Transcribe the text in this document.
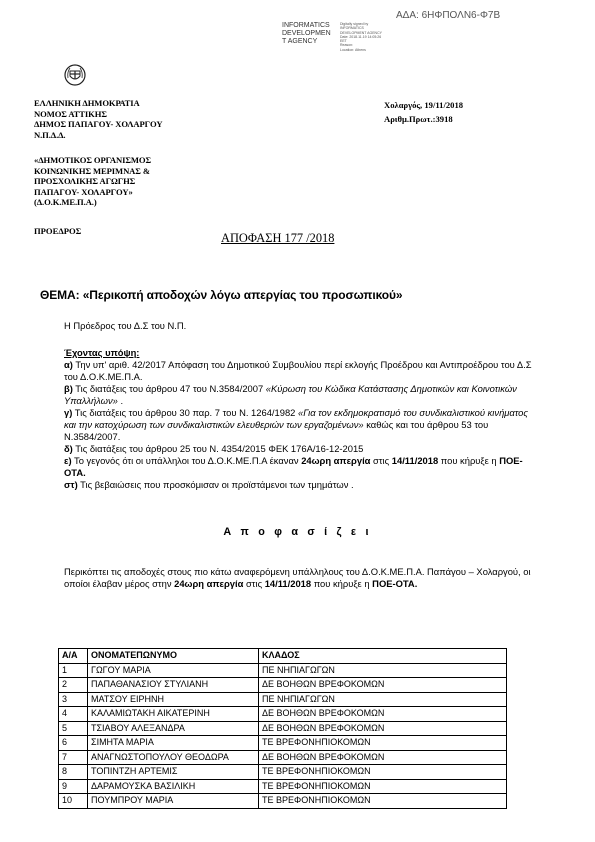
ΑΔΑ: 6ΗΦΠΟΛΝ6-Φ7Β
INFORMATICS
DEVELOPMEN
T AGENCY
Digitally signed by
INFORMATICS
DEVELOPMENT AGENCY
Date: 2018.11.19 14:05:26
EET
Reason:
Location: Athens
ΕΛΛΗΝΙΚΗ ΔΗΜΟΚΡΑΤΙΑ
ΝΟΜΟΣ ΑΤΤΙΚΗΣ
ΔΗΜΟΣ ΠΑΠΑΓΟΥ- ΧΟΛΑΡΓΟΥ
Ν.Π.Δ.Δ.
«ΔΗΜΟΤΙΚΟΣ ΟΡΓΑΝΙΣΜΟΣ
ΚΟΙΝΩΝΙΚΗΣ ΜΕΡΙΜΝΑΣ &
ΠΡΟΣΧΟΛΙΚΗΣ ΑΓΩΓΗΣ
ΠΑΠΑΓΟΥ- ΧΟΛΑΡΓΟΥ»
(Δ.Ο.Κ.ΜΕ.Π.Α.)
Χολαργός, 19/11/2018
Αριθμ.Πρωτ.:3918
ΠΡΟΕΔΡΟΣ	ΑΠΟΦΑΣΗ 177 /2018
ΘΕΜΑ: «Περικοπή αποδοχών λόγω απεργίας του προσωπικού»
Η Πρόεδρος του Δ.Σ του Ν.Π.
Έχοντας υπόψη:
α) Την υπ' αριθ. 42/2017 Απόφαση του Δημοτικού Συμβουλίου περί εκλογής Προέδρου και Αντιπροέδρου του Δ.Σ του Δ.Ο.Κ.ΜΕ.Π.Α.
β) Τις διατάξεις του άρθρου 47 του Ν.3584/2007 «Κύρωση του Κώδικα Κατάστασης Δημοτικών και Κοινοτικών Υπαλλήλων» .
γ) Τις διατάξεις του άρθρου 30 παρ. 7 του Ν. 1264/1982 «Για τον εκδημοκρατισμό του συνδικαλιστικού κινήματος και την κατοχύρωση των συνδικαλιστικών ελευθεριών των εργαζομένων» καθώς και του άρθρου 53 του Ν.3584/2007.
δ) Τις διατάξεις του άρθρου 25 του Ν. 4354/2015 ΦΕΚ 176Α/16-12-2015
ε) Το γεγονός ότι οι υπάλληλοι του Δ.Ο.Κ.ΜΕ.Π.Α έκαναν 24ωρη απεργία στις 14/11/2018 που κήρυξε η ΠΟΕ-ΟΤΑ.
στ) Τις βεβαιώσεις που προσκόμισαν οι προϊστάμενοι των τμημάτων .
Α π ο φ α σ ί ζ ε ι
Περικόπτει τις αποδοχές στους πιο κάτω αναφερόμενη υπάλληλους του Δ.Ο.Κ.ΜΕ.Π.Α. Παπάγου – Χολαργού, οι οποίοι έλαβαν μέρος στην 24ωρη απεργία στις 14/11/2018 που κήρυξε η ΠΟΕ-ΟΤΑ.
Α/Α	ΟΝΟΜΑΤΕΠΩΝΥΜΟ	ΚΛΑΔΟΣ
1	ΓΩΓΟΥ ΜΑΡΙΑ	ΠΕ ΝΗΠΙΑΓΩΓΩΝ
2	ΠΑΠΑΘΑΝΑΣΙΟΥ ΣΤΥΛΙΑΝΗ	ΔΕ ΒΟΗΘΩΝ ΒΡΕΦΟΚΟΜΩΝ
3	ΜΑΤΣΟΥ ΕΙΡΗΝΗ	ΠΕ ΝΗΠΙΑΓΩΓΩΝ
4	ΚΑΛΑΜΙΩΤΑΚΗ ΑΙΚΑΤΕΡΙΝΗ	ΔΕ ΒΟΗΘΩΝ ΒΡΕΦΟΚΟΜΩΝ
5	ΤΣΙΑΒΟΥ ΑΛΕΞΑΝΔΡΑ	ΔΕ ΒΟΗΘΩΝ ΒΡΕΦΟΚΟΜΩΝ
6	ΣΙΜΗΤΑ ΜΑΡΙΑ	ΤΕ ΒΡΕΦΟΝΗΠΙΟΚΟΜΩΝ
7	ΑΝΑΓΝΩΣΤΟΠΟΥΛΟΥ ΘΕΟΔΩΡΑ	ΔΕ ΒΟΗΘΩΝ ΒΡΕΦΟΚΟΜΩΝ
8	ΤΟΠΙΝΤΖΗ ΑΡΤΕΜΙΣ	ΤΕ ΒΡΕΦΟΝΗΠΙΟΚΟΜΩΝ
9	ΔΑΡΑΜΟΥΣΚΑ ΒΑΣΙΛΙΚΗ	ΤΕ ΒΡΕΦΟΝΗΠΙΟΚΟΜΩΝ
10	ΠΟΥΜΠΡΟΥ ΜΑΡΙΑ	ΤΕ ΒΡΕΦΟΝΗΠΙΟΚΟΜΩΝ
